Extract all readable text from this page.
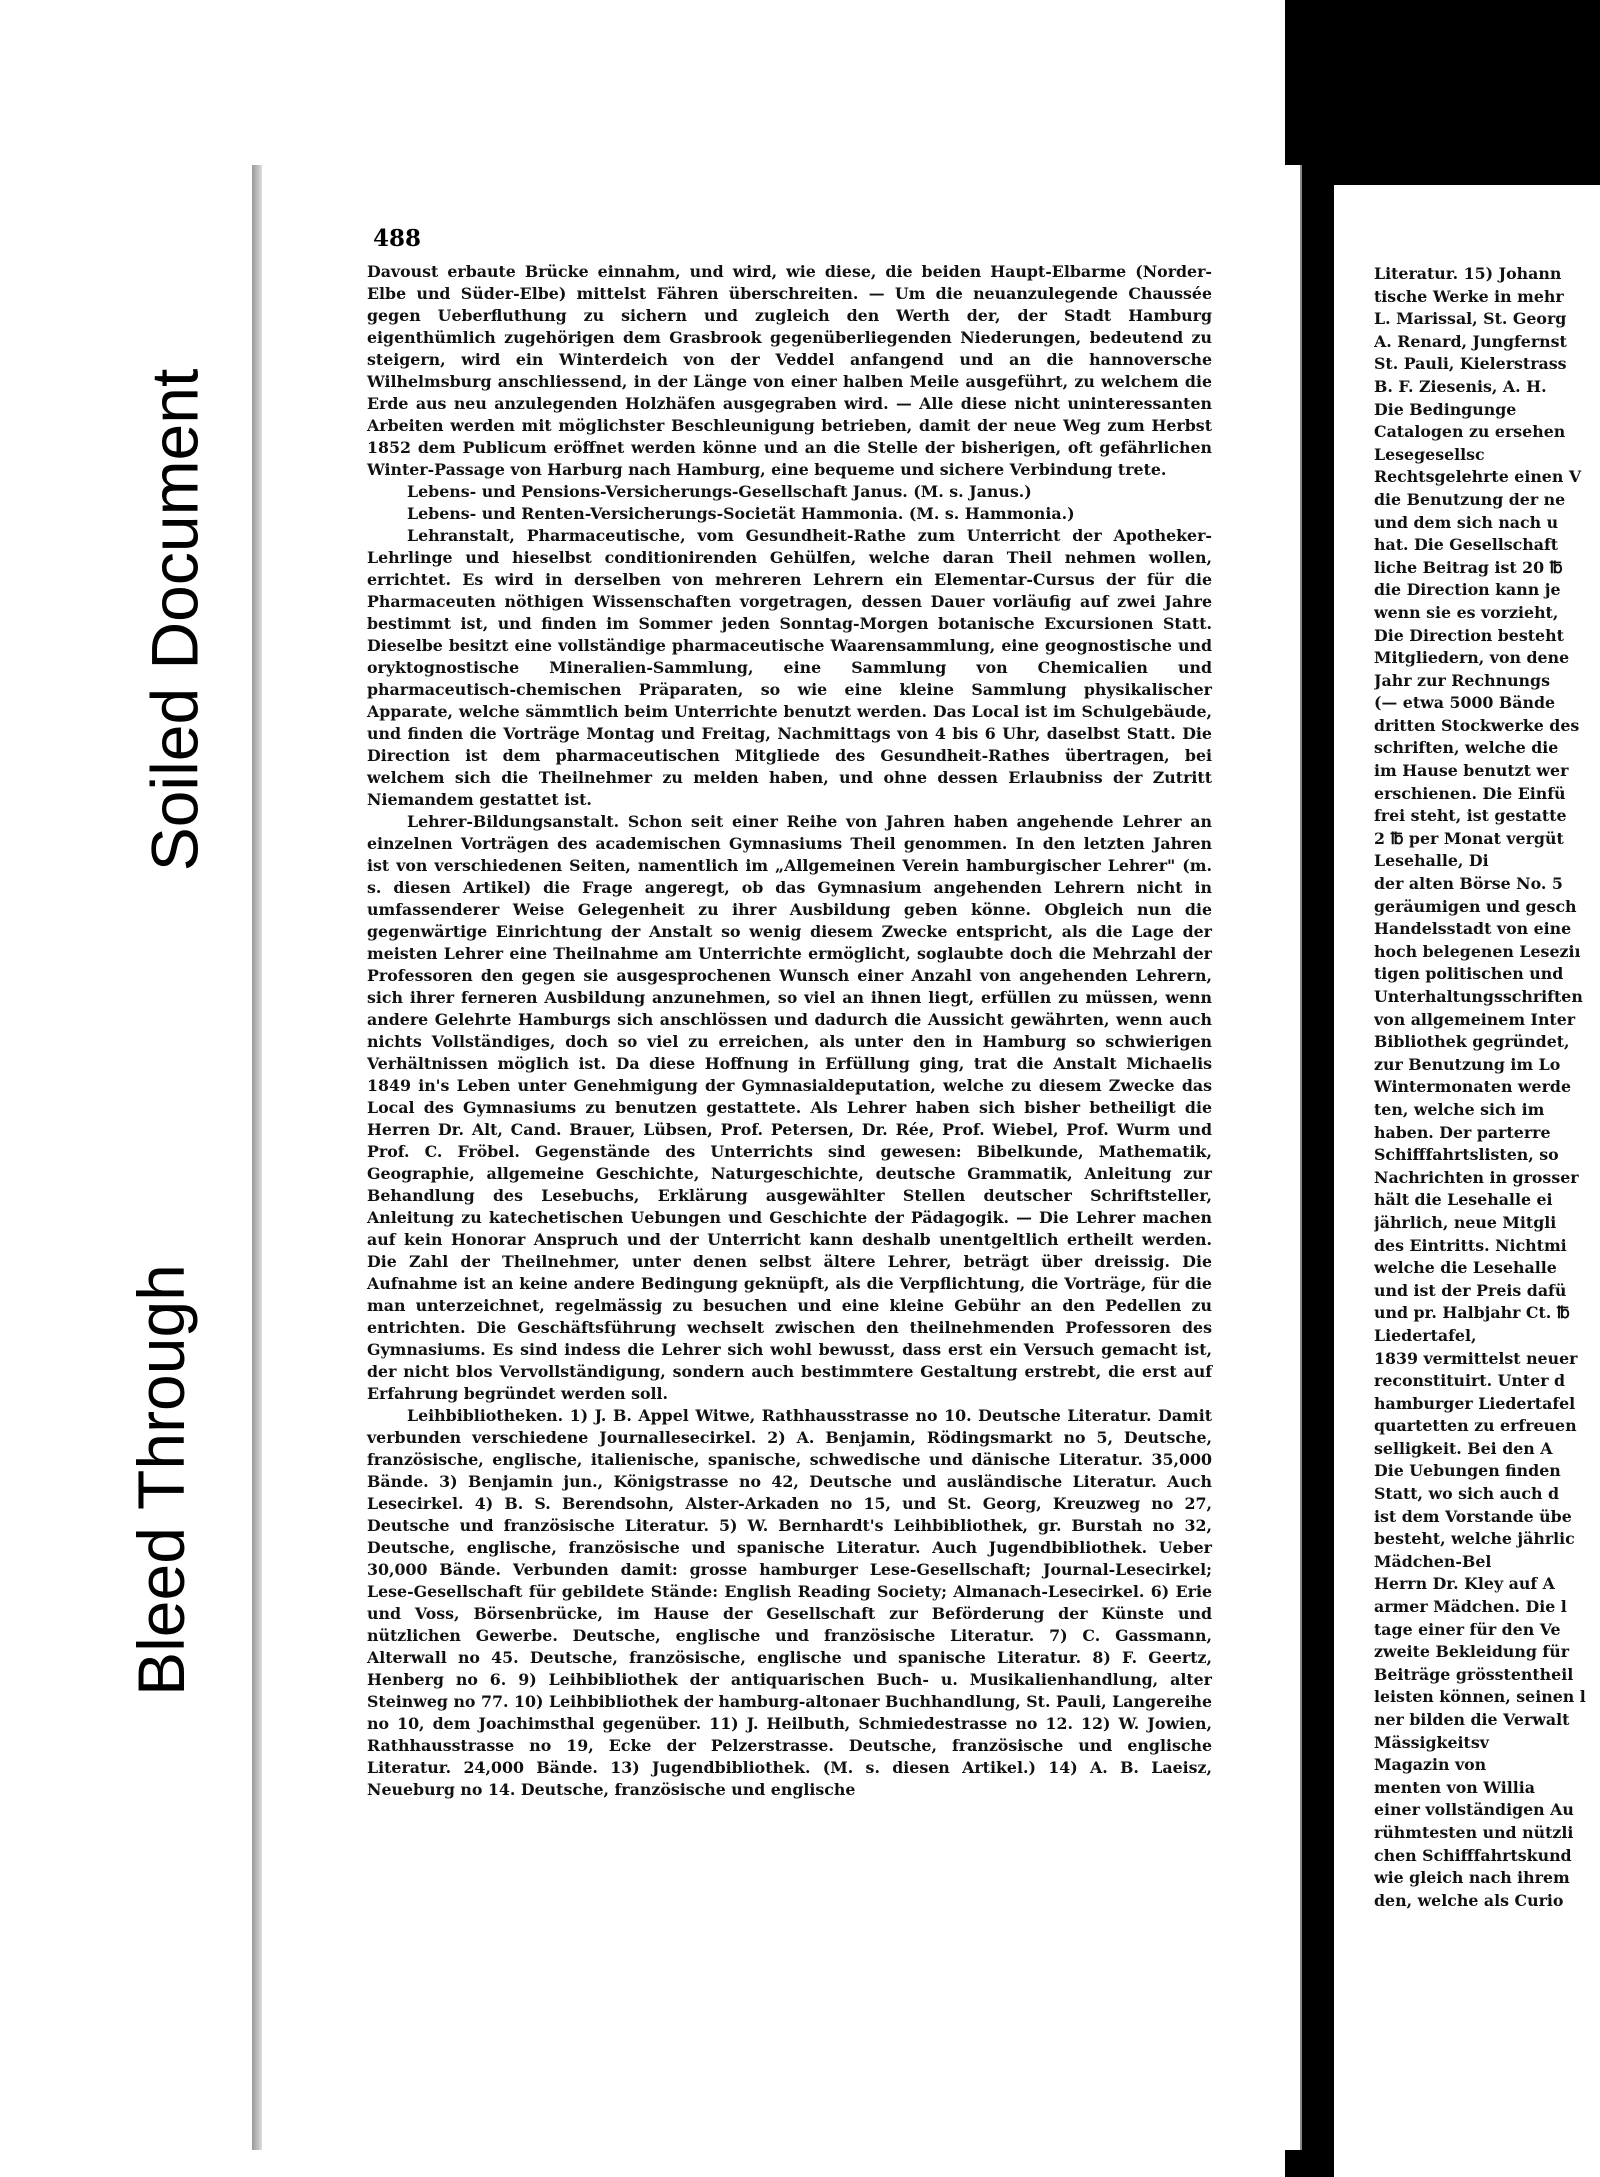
Soiled Document
Bleed Through
488

Davoust erbaute Brücke einnahm, und wird, wie diese, die beiden Haupt-Elbarme (Norder-Elbe und Süder-Elbe) mittelst Fähren überschreiten. — Um die neuanzulegende Chaussée gegen Ueberfluthung zu sichern und zugleich den Werth der, der Stadt Hamburg eigenthümlich zugehörigen dem Grasbrook gegenüberliegenden Niederungen, bedeutend zu steigern, wird ein Winterdeich von der Veddel anfangend und an die hannoversche Wilhelmsburg anschliessend, in der Länge von einer halben Meile ausgeführt, zu welchem die Erde aus neu anzulegenden Holzhäfen ausgegraben wird. — Alle diese nicht uninteressanten Arbeiten werden mit möglichster Beschleunigung betrieben, damit der neue Weg zum Herbst 1852 dem Publicum eröffnet werden könne und an die Stelle der bisherigen, oft gefährlichen Winter-Passage von Harburg nach Hamburg, eine bequeme und sichere Verbindung trete.

Lebens- und Pensions-Versicherungs-Gesellschaft Janus. (M. s. Janus.)

Lebens- und Renten-Versicherungs-Societät Hammonia. (M. s. Hammonia.)

Lehranstalt, Pharmaceutische, vom Gesundheit-Rathe zum Unterricht der Apotheker-Lehrlinge und hieselbst conditionirenden Gehülfen, welche daran Theil nehmen wollen, errichtet. Es wird in derselben von mehreren Lehrern ein Elementar-Cursus der für die Pharmaceuten nöthigen Wissenschaften vorgetragen, dessen Dauer vorläufig auf zwei Jahre bestimmt ist, und finden im Sommer jeden Sonntag-Morgen botanische Excursionen Statt. Dieselbe besitzt eine vollständige pharmaceutische Waarensammlung, eine geognostische und oryktognostische Mineralien-Sammlung, eine Sammlung von Chemicalien und pharmaceutisch-chemischen Präparaten, so wie eine kleine Sammlung physikalischer Apparate, welche sämmtlich beim Unterrichte benutzt werden. Das Local ist im Schulgebäude, und finden die Vorträge Montag und Freitag, Nachmittags von 4 bis 6 Uhr, daselbst Statt. Die Direction ist dem pharmaceutischen Mitgliede des Gesundheit-Rathes übertragen, bei welchem sich die Theilnehmer zu melden haben, und ohne dessen Erlaubniss der Zutritt Niemandem gestattet ist.

Lehrer-Bildungsanstalt. Schon seit einer Reihe von Jahren haben angehende Lehrer an einzelnen Vorträgen des academischen Gymnasiums Theil genommen. In den letzten Jahren ist von verschiedenen Seiten, namentlich im „Allgemeinen Verein hamburgischer Lehrer" (m. s. diesen Artikel) die Frage angeregt, ob das Gymnasium angehenden Lehrern nicht in umfassenderer Weise Gelegenheit zu ihrer Ausbildung geben könne. Obgleich nun die gegenwärtige Einrichtung der Anstalt so wenig diesem Zwecke entspricht, als die Lage der meisten Lehrer eine Theilnahme am Unterrichte ermöglicht, soglaubte doch die Mehrzahl der Professoren den gegen sie ausgesprochenen Wunsch einer Anzahl von angehenden Lehrern, sich ihrer ferneren Ausbildung anzunehmen, so viel an ihnen liegt, erfüllen zu müssen, wenn andere Gelehrte Hamburgs sich anschlössen und dadurch die Aussicht gewährten, wenn auch nichts Vollständiges, doch so viel zu erreichen, als unter den in Hamburg so schwierigen Verhältnissen möglich ist. Da diese Hoffnung in Erfüllung ging, trat die Anstalt Michaelis 1849 in's Leben unter Genehmigung der Gymnasialdeputation, welche zu diesem Zwecke das Local des Gymnasiums zu benutzen gestattete. Als Lehrer haben sich bisher betheiligt die Herren Dr. Alt, Cand. Brauer, Lübsen, Prof. Petersen, Dr. Rée, Prof. Wiebel, Prof. Wurm und Prof. C. Fröbel. Gegenstände des Unterrichts sind gewesen: Bibelkunde, Mathematik, Geographie, allgemeine Geschichte, Naturgeschichte, deutsche Grammatik, Anleitung zur Behandlung des Lesebuchs, Erklärung ausgewählter Stellen deutscher Schriftsteller, Anleitung zu katechetischen Uebungen und Geschichte der Pädagogik. — Die Lehrer machen auf kein Honorar Anspruch und der Unterricht kann deshalb unentgeltlich ertheilt werden. Die Zahl der Theilnehmer, unter denen selbst ältere Lehrer, beträgt über dreissig. Die Aufnahme ist an keine andere Bedingung geknüpft, als die Verpflichtung, die Vorträge, für die man unterzeichnet, regelmässig zu besuchen und eine kleine Gebühr an den Pedellen zu entrichten. Die Geschäftsführung wechselt zwischen den theilnehmenden Professoren des Gymnasiums. Es sind indess die Lehrer sich wohl bewusst, dass erst ein Versuch gemacht ist, der nicht blos Vervollständigung, sondern auch bestimmtere Gestaltung erstrebt, die erst auf Erfahrung begründet werden soll.

Leihbibliotheken. 1) J. B. Appel Witwe, Rathhausstrasse no 10. Deutsche Literatur. Damit verbunden verschiedene Journallesecirkel. 2) A. Benjamin, Rödingsmarkt no 5, Deutsche, französische, englische, italienische, spanische, schwedische und dänische Literatur. 35,000 Bände. 3) Benjamin jun., Königstrasse no 42, Deutsche und ausländische Literatur. Auch Lesecirkel. 4) B. S. Berendsohn, Alster-Arkaden no 15, und St. Georg, Kreuzweg no 27, Deutsche und französische Literatur. 5) W. Bernhardt's Leihbibliothek, gr. Burstah no 32, Deutsche, englische, französische und spanische Literatur. Auch Jugendbibliothek. Ueber 30,000 Bände. Verbunden damit: grosse hamburger Lese-Gesellschaft; Journal-Lesecirkel; Lese-Gesellschaft für gebildete Stände: English Reading Society; Almanach-Lesecirkel. 6) Erie und Voss, Börsenbrücke, im Hause der Gesellschaft zur Beförderung der Künste und nützlichen Gewerbe. Deutsche, englische und französische Literatur. 7) C. Gassmann, Alterwall no 45. Deutsche, französische, englische und spanische Literatur. 8) F. Geertz, Henberg no 6. 9) Leihbibliothek der antiquarischen Buch- u. Musikalienhandlung, alter Steinweg no 77. 10) Leihbibliothek der hamburg-altonaer Buchhandlung, St. Pauli, Langereihe no 10, dem Joachimsthal gegenüber. 11) J. Heilbuth, Schmiedestrasse no 12. 12) W. Jowien, Rathhausstrasse no 19, Ecke der Pelzerstrasse. Deutsche, französische und englische Literatur. 24,000 Bände. 13) Jugendbibliothek. (M. s. diesen Artikel.) 14) A. B. Laeisz, Neueburg no 14. Deutsche, französische und englische

Literatur. 15) Johann
tische Werke in mehr
L. Marissal, St. Georg
A. Renard, Jungfernst
St. Pauli, Kielerstrass
B. F. Ziesenis, A. H.
Die Bedingunge
Catalogen zu ersehen
Lesegesellsc
Rechtsgelehrte einen V
die Benutzung der ne
und dem sich nach u
hat. Die Gesellschaft
liche Beitrag ist 20 ℔
die Direction kann je
wenn sie es vorzieht,
Die Direction besteht
Mitgliedern, von dene
Jahr zur Rechnungs
(— etwa 5000 Bände
dritten Stockwerke des
schriften, welche die
im Hause benutzt wer
erschienen. Die Einfü
frei steht, ist gestatte
2 ℔ per Monat vergüt
Lesehalle, Di
der alten Börse No. 5
geräumigen und gesch
Handelsstadt von eine
hoch belegenen Leseziı
tigen politischen und
Unterhaltungsschriften
von allgemeinem Inter
Bibliothek gegründet,
zur Benutzung im Lo
Wintermonaten werde
ten, welche sich im
haben. Der parterre
Schifffahrtslisten, so
Nachrichten in grosser
hält die Lesehalle ei
jährlich, neue Mitgli
des Eintritts. Nichtmi
welche die Lesehalle
und ist der Preis dafü
und pr. Halbjahr Ct. ℔
Liedertafel,
1839 vermittelst neuer
reconstituirt. Unter d
hamburger Liedertafel
quartetten zu erfreuen
selligkeit. Bei den A
Die Uebungen finden
Statt, wo sich auch d
ist dem Vorstande übe
besteht, welche jährlic
Mädchen-Bel
Herrn Dr. Kley auf A
armer Mädchen. Die l
tage einer für den Ve
zweite Bekleidung für
Beiträge grösstentheil
leisten können, seinen l
ner bilden die Verwalt
Mässigkeitsv
Magazin von
menten von Willia
einer vollständigen Au
rühmtesten und nützli
chen Schifffahrtskund
wie gleich nach ihrem
den, welche als Curio
